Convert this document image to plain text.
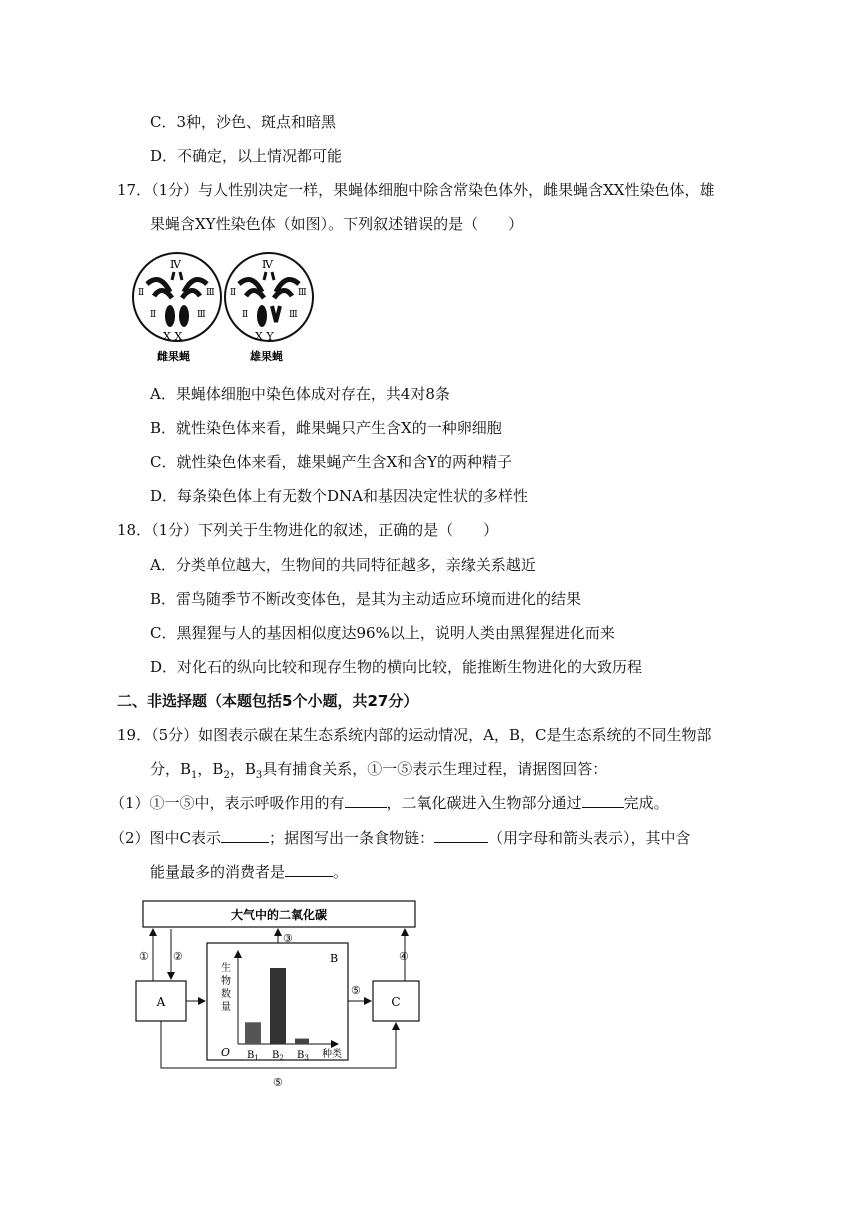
C．3种，沙色、斑点和暗黑
D．不确定，以上情况都可能
17．（1分）与人性别决定一样，果蝇体细胞中除含常染色体外，雌果蝇含XX性染色体，雄
果蝇含XY性染色体（如图）。下列叙述错误的是（　　）
Ⅳ
Ⅱ	Ⅲ
Ⅱ	Ⅲ
X X
Ⅳ
Ⅱ	Ⅲ
Ⅱ	Ⅲ
X Y
雌果蝇	雄果蝇
A．果蝇体细胞中染色体成对存在，共4对8条
B．就性染色体来看，雌果蝇只产生含X的一种卵细胞
C．就性染色体来看，雄果蝇产生含X和含Y的两种精子
D．每条染色体上有无数个DNA和基因决定性状的多样性
18．（1分）下列关于生物进化的叙述，正确的是（　　）
A．分类单位越大，生物间的共同特征越多，亲缘关系越近
B．雷鸟随季节不断改变体色，是其为主动适应环境而进化的结果
C．黑猩猩与人的基因相似度达96%以上，说明人类由黑猩猩进化而来
D．对化石的纵向比较和现存生物的横向比较，能推断生物进化的大致历程
二、非选择题（本题包括5个小题，共27分）
19．（5分）如图表示碳在某生态系统内部的运动情况，A，B，C是生态系统的不同生物部
分，$B_1$，$B_2$，$B_3$具有捕食关系，①一⑤表示生理过程，请据图回答：
（1）①一⑤中，表示呼吸作用的有	，二氧化碳进入生物部分通过	完成。
（2）图中C表示	；据图写出一条食物链：	（用字母和箭头表示），其中含
能量最多的消费者是	。
大气中的二氧化碳
A
B
C
① ②
③
④
⑤
⑤
O	种类
生物数量
$B_1$ $B_2$ $B_3$
